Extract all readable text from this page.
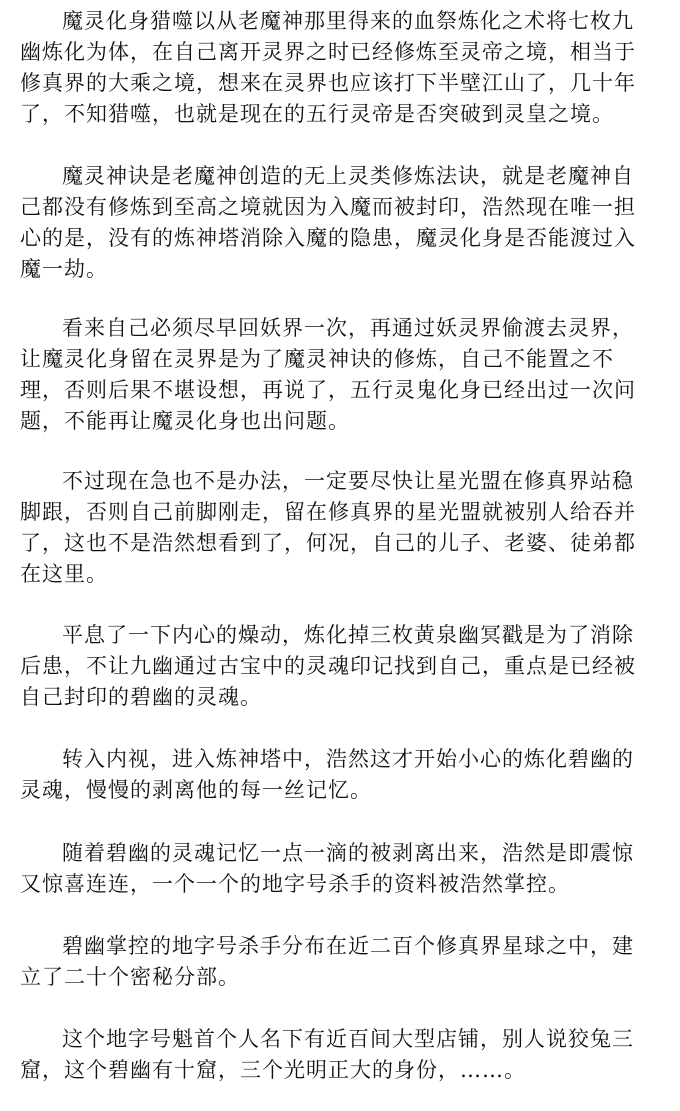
魔灵化身猎噬以从老魔神那里得来的血祭炼化之术将七枚九幽炼化为体，在自己离开灵界之时已经修炼至灵帝之境，相当于修真界的大乘之境，想来在灵界也应该打下半壁江山了，几十年了，不知猎噬，也就是现在的五行灵帝是否突破到灵皇之境。

魔灵神诀是老魔神创造的无上灵类修炼法诀，就是老魔神自己都没有修炼到至高之境就因为入魔而被封印，浩然现在唯一担心的是，没有的炼神塔消除入魔的隐患，魔灵化身是否能渡过入魔一劫。

看来自己必须尽早回妖界一次，再通过妖灵界偷渡去灵界，让魔灵化身留在灵界是为了魔灵神诀的修炼，自己不能置之不理，否则后果不堪设想，再说了，五行灵鬼化身已经出过一次问题，不能再让魔灵化身也出问题。

不过现在急也不是办法，一定要尽快让星光盟在修真界站稳脚跟，否则自己前脚刚走，留在修真界的星光盟就被别人给吞并了，这也不是浩然想看到了，何况，自己的儿子、老婆、徒弟都在这里。

平息了一下内心的燥动，炼化掉三枚黄泉幽冥戳是为了消除后患，不让九幽通过古宝中的灵魂印记找到自己，重点是已经被自己封印的碧幽的灵魂。

转入内视，进入炼神塔中，浩然这才开始小心的炼化碧幽的灵魂，慢慢的剥离他的每一丝记忆。

随着碧幽的灵魂记忆一点一滴的被剥离出来，浩然是即震惊又惊喜连连，一个一个的地字号杀手的资料被浩然掌控。

碧幽掌控的地字号杀手分布在近二百个修真界星球之中，建立了二十个密秘分部。

这个地字号魁首个人名下有近百间大型店铺，别人说狡兔三窟，这个碧幽有十窟，三个光明正大的身份，……。
